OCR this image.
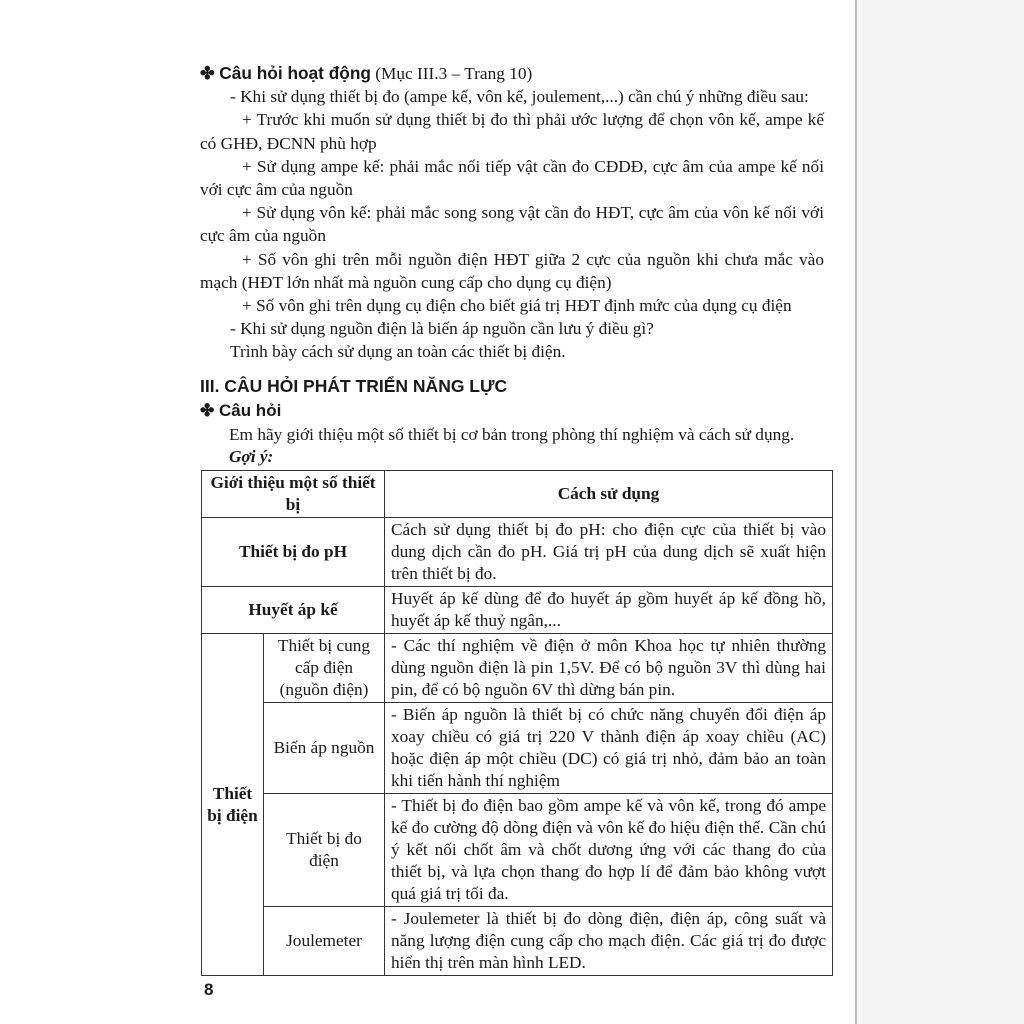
✤ Câu hỏi hoạt động (Mục III.3 – Trang 10)

- Khi sử dụng thiết bị đo (ampe kế, vôn kế, joulement,...) cần chú ý những điều sau:

+ Trước khi muốn sử dụng thiết bị đo thì phải ước lượng để chọn vôn kế, ampe kế có GHĐ, ĐCNN phù hợp

+ Sử dụng ampe kế: phải mắc nối tiếp vật cần đo CĐDĐ, cực âm của ampe kế nối với cực âm của nguồn

+ Sử dụng vôn kế: phải mắc song song vật cần đo HĐT, cực âm của vôn kế nối với cực âm của nguồn

+ Số vôn ghi trên mỗi nguồn điện HĐT giữa 2 cực của nguồn khi chưa mắc vào mạch (HĐT lớn nhất mà nguồn cung cấp cho dụng cụ điện)

+ Số vôn ghi trên dụng cụ điện cho biết giá trị HĐT định mức của dụng cụ điện

- Khi sử dụng nguồn điện là biến áp nguồn cần lưu ý điều gì?

Trình bày cách sử dụng an toàn các thiết bị điện.

III. CÂU HỎI PHÁT TRIỂN NĂNG LỰC
✤ Câu hỏi
Em hãy giới thiệu một số thiết bị cơ bản trong phòng thí nghiệm và cách sử dụng.
Gợi ý:
Giới thiệu một số thiết bị		Cách sử dụng
Thiết bị đo pH		Cách sử dụng thiết bị đo pH: cho điện cực của thiết bị vào dung dịch cần đo pH. Giá trị pH của dung dịch sẽ xuất hiện trên thiết bị đo.
Huyết áp kế		Huyết áp kế dùng để đo huyết áp gồm huyết áp kế đồng hồ, huyết áp kế thuỷ ngân,...
Thiết bị điện	Thiết bị cung cấp điện (nguồn điện)	- Các thí nghiệm về điện ở môn Khoa học tự nhiên thường dùng nguồn điện là pin 1,5V. Để có bộ nguồn 3V thì dùng hai pin, để có bộ nguồn 6V thì dừng bán pin.
	Biến áp nguồn	- Biến áp nguồn là thiết bị có chức năng chuyển đổi điện áp xoay chiều có giá trị 220 V thành điện áp xoay chiều (AC) hoặc điện áp một chiều (DC) có giá trị nhỏ, đảm bảo an toàn khi tiến hành thí nghiệm
	Thiết bị đo điện	- Thiết bị đo điện bao gồm ampe kế và vôn kế, trong đó ampe kế đo cường độ dòng điện và vôn kế đo hiệu điện thế. Cần chú ý kết nối chốt âm và chốt dương ứng với các thang đo của thiết bị, và lựa chọn thang đo hợp lí để đảm bảo không vượt quá giá trị tối đa.
	Joulemeter	- Joulemeter là thiết bị đo dòng điện, điện áp, công suất và năng lượng điện cung cấp cho mạch điện. Các giá trị đo được hiển thị trên màn hình LED.
8
